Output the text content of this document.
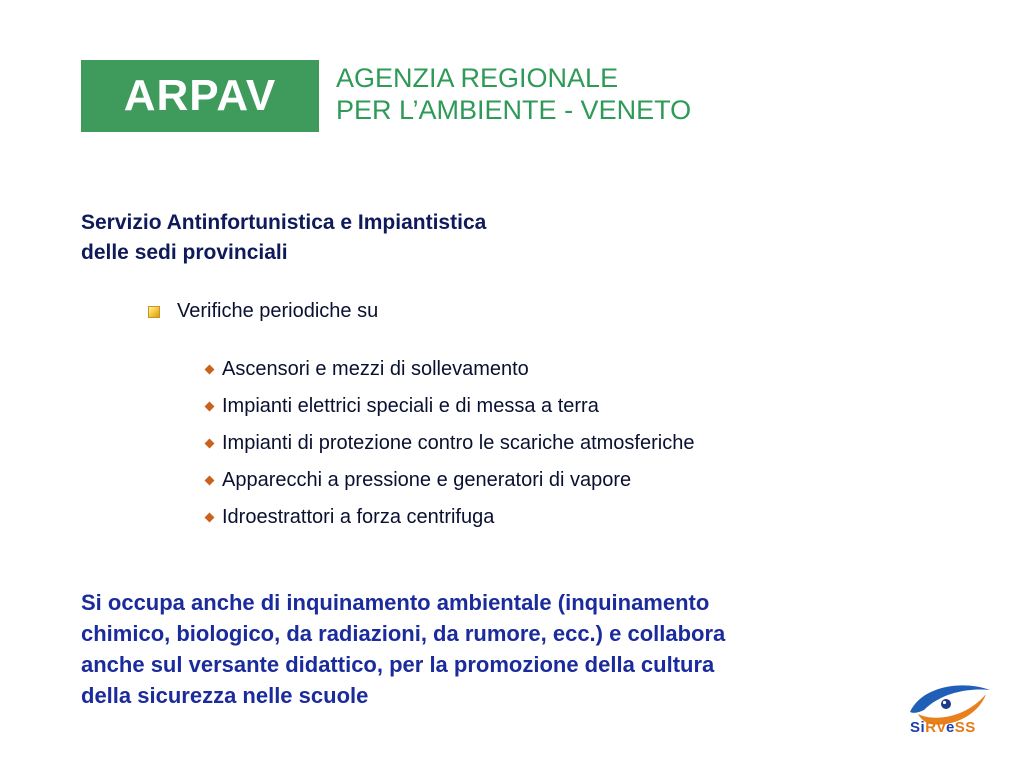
ARPAV AGENZIA REGIONALE
PER L’AMBIENTE - VENETO
Servizio Antinfortunistica e Impiantistica
delle sedi provinciali
Verifiche periodiche su
Ascensori e mezzi di sollevamento
Impianti elettrici speciali e di messa a terra
Impianti di protezione contro le scariche atmosferiche
Apparecchi a pressione e generatori di vapore
Idroestrattori a forza centrifuga
Si occupa anche di inquinamento ambientale (inquinamento
chimico, biologico, da radiazioni, da rumore, ecc.) e collabora
anche sul versante didattico, per la promozione della cultura
della sicurezza nelle scuole
SiRVeSS
